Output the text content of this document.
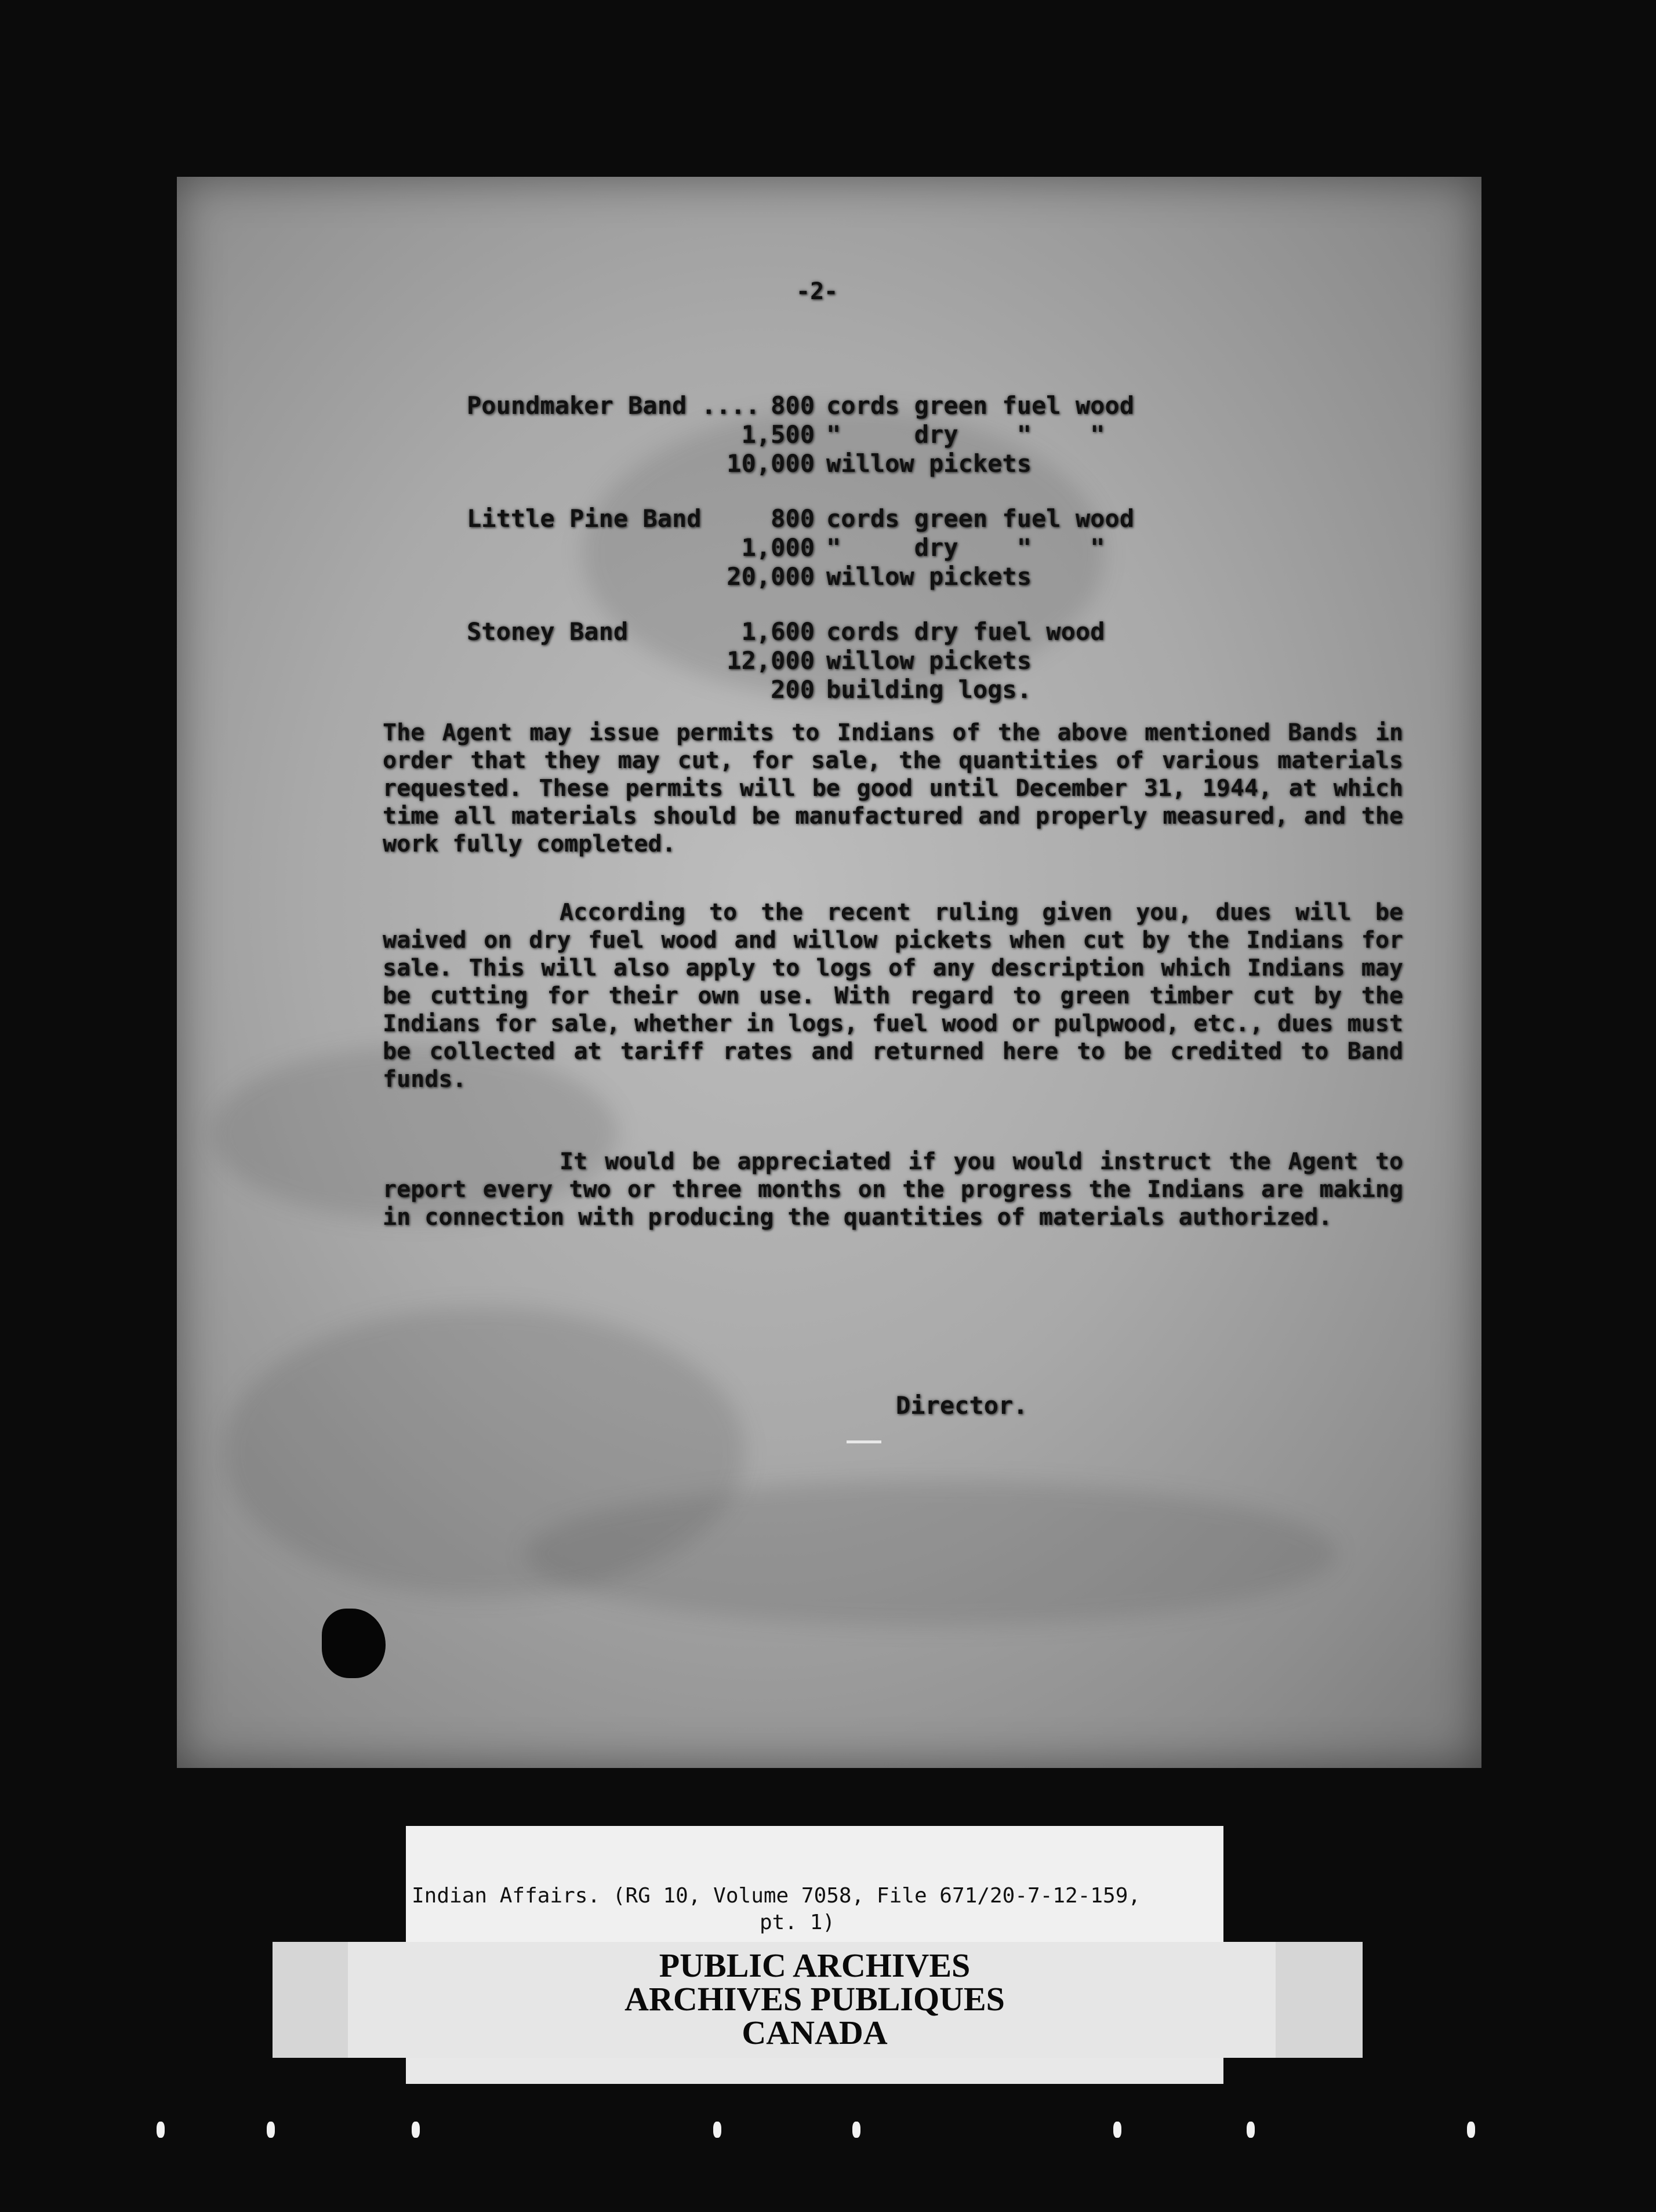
-2-
Poundmaker Band .... 800 cords green fuel wood
1,500 "     dry    "    "
10,000 willow pickets
Little Pine Band	800 cords green fuel wood
1,000 "     dry    "    "
20,000 willow pickets
Stoney Band	1,600 cords dry fuel wood
12,000 willow pickets
200 building logs.
The Agent may issue permits to Indians of the above mentioned Bands in order that they may cut, for sale, the quantities of various materials requested. These permits will be good until December 31, 1944, at which time all materials should be manufactured and properly measured, and the work fully completed.
According to the recent ruling given you, dues will be waived on dry fuel wood and willow pickets when cut by the Indians for sale. This will also apply to logs of any description which Indians may be cutting for their own use. With regard to green timber cut by the Indians for sale, whether in logs, fuel wood or pulpwood, etc., dues must be collected at tariff rates and returned here to be credited to Band funds.
It would be appreciated if you would instruct the Agent to report every two or three months on the progress the Indians are making in connection with producing the quantities of materials authorized.
Director.
Indian Affairs. (RG 10, Volume 7058, File 671/20-7-12-159,
pt. 1)
PUBLIC ARCHIVES
ARCHIVES PUBLIQUES
CANADA
